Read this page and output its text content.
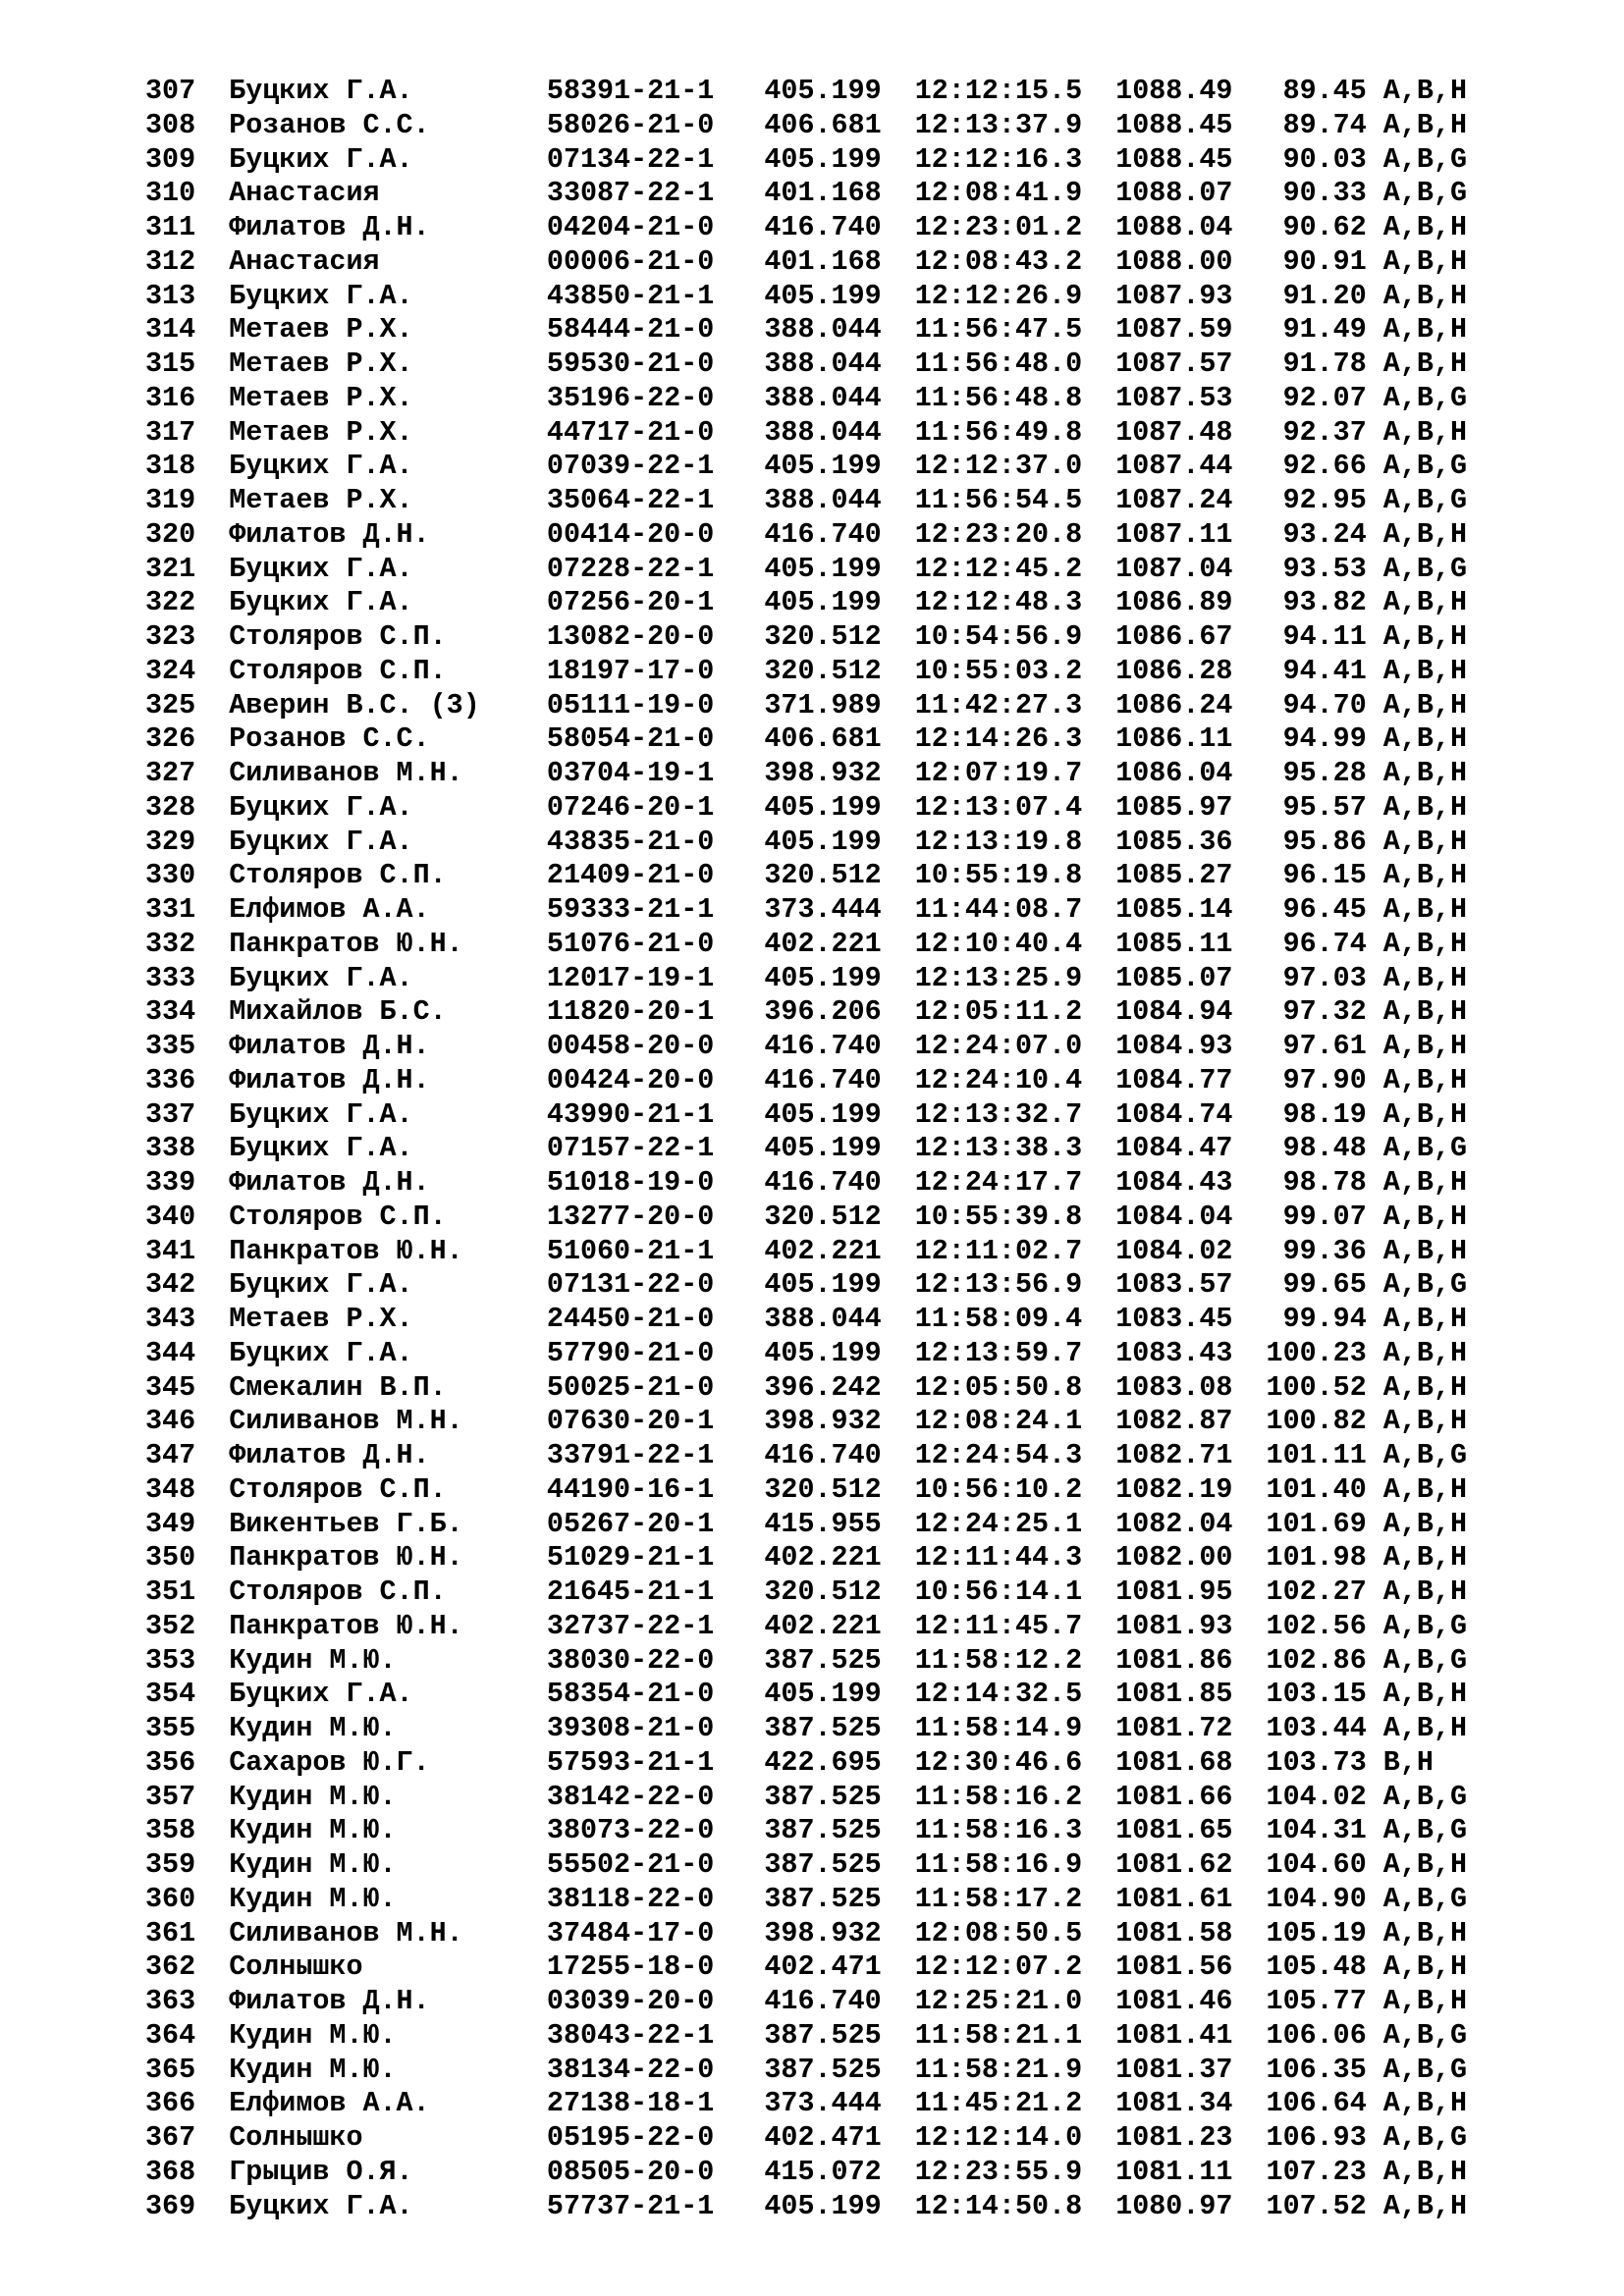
307  Буцких Г.А.        58391-21-1   405.199  12:12:15.5  1088.49   89.45 A,B,H
308  Розанов С.С.       58026-21-0   406.681  12:13:37.9  1088.45   89.74 A,B,H
309  Буцких Г.А.        07134-22-1   405.199  12:12:16.3  1088.45   90.03 A,B,G
310  Анастасия          33087-22-1   401.168  12:08:41.9  1088.07   90.33 A,B,G
311  Филатов Д.Н.       04204-21-0   416.740  12:23:01.2  1088.04   90.62 A,B,H
312  Анастасия          00006-21-0   401.168  12:08:43.2  1088.00   90.91 A,B,H
313  Буцких Г.А.        43850-21-1   405.199  12:12:26.9  1087.93   91.20 A,B,H
314  Метаев Р.Х.        58444-21-0   388.044  11:56:47.5  1087.59   91.49 A,B,H
315  Метаев Р.Х.        59530-21-0   388.044  11:56:48.0  1087.57   91.78 A,B,H
316  Метаев Р.Х.        35196-22-0   388.044  11:56:48.8  1087.53   92.07 A,B,G
317  Метаев Р.Х.        44717-21-0   388.044  11:56:49.8  1087.48   92.37 A,B,H
318  Буцких Г.А.        07039-22-1   405.199  12:12:37.0  1087.44   92.66 A,B,G
319  Метаев Р.Х.        35064-22-1   388.044  11:56:54.5  1087.24   92.95 A,B,G
320  Филатов Д.Н.       00414-20-0   416.740  12:23:20.8  1087.11   93.24 A,B,H
321  Буцких Г.А.        07228-22-1   405.199  12:12:45.2  1087.04   93.53 A,B,G
322  Буцких Г.А.        07256-20-1   405.199  12:12:48.3  1086.89   93.82 A,B,H
323  Столяров С.П.      13082-20-0   320.512  10:54:56.9  1086.67   94.11 A,B,H
324  Столяров С.П.      18197-17-0   320.512  10:55:03.2  1086.28   94.41 A,B,H
325  Аверин В.С. (3)    05111-19-0   371.989  11:42:27.3  1086.24   94.70 A,B,H
326  Розанов С.С.       58054-21-0   406.681  12:14:26.3  1086.11   94.99 A,B,H
327  Силиванов М.Н.     03704-19-1   398.932  12:07:19.7  1086.04   95.28 A,B,H
328  Буцких Г.А.        07246-20-1   405.199  12:13:07.4  1085.97   95.57 A,B,H
329  Буцких Г.А.        43835-21-0   405.199  12:13:19.8  1085.36   95.86 A,B,H
330  Столяров С.П.      21409-21-0   320.512  10:55:19.8  1085.27   96.15 A,B,H
331  Елфимов А.А.       59333-21-1   373.444  11:44:08.7  1085.14   96.45 A,B,H
332  Панкратов Ю.Н.     51076-21-0   402.221  12:10:40.4  1085.11   96.74 A,B,H
333  Буцких Г.А.        12017-19-1   405.199  12:13:25.9  1085.07   97.03 A,B,H
334  Михайлов Б.С.      11820-20-1   396.206  12:05:11.2  1084.94   97.32 A,B,H
335  Филатов Д.Н.       00458-20-0   416.740  12:24:07.0  1084.93   97.61 A,B,H
336  Филатов Д.Н.       00424-20-0   416.740  12:24:10.4  1084.77   97.90 A,B,H
337  Буцких Г.А.        43990-21-1   405.199  12:13:32.7  1084.74   98.19 A,B,H
338  Буцких Г.А.        07157-22-1   405.199  12:13:38.3  1084.47   98.48 A,B,G
339  Филатов Д.Н.       51018-19-0   416.740  12:24:17.7  1084.43   98.78 A,B,H
340  Столяров С.П.      13277-20-0   320.512  10:55:39.8  1084.04   99.07 A,B,H
341  Панкратов Ю.Н.     51060-21-1   402.221  12:11:02.7  1084.02   99.36 A,B,H
342  Буцких Г.А.        07131-22-0   405.199  12:13:56.9  1083.57   99.65 A,B,G
343  Метаев Р.Х.        24450-21-0   388.044  11:58:09.4  1083.45   99.94 A,B,H
344  Буцких Г.А.        57790-21-0   405.199  12:13:59.7  1083.43  100.23 A,B,H
345  Смекалин В.П.      50025-21-0   396.242  12:05:50.8  1083.08  100.52 A,B,H
346  Силиванов М.Н.     07630-20-1   398.932  12:08:24.1  1082.87  100.82 A,B,H
347  Филатов Д.Н.       33791-22-1   416.740  12:24:54.3  1082.71  101.11 A,B,G
348  Столяров С.П.      44190-16-1   320.512  10:56:10.2  1082.19  101.40 A,B,H
349  Викентьев Г.Б.     05267-20-1   415.955  12:24:25.1  1082.04  101.69 A,B,H
350  Панкратов Ю.Н.     51029-21-1   402.221  12:11:44.3  1082.00  101.98 A,B,H
351  Столяров С.П.      21645-21-1   320.512  10:56:14.1  1081.95  102.27 A,B,H
352  Панкратов Ю.Н.     32737-22-1   402.221  12:11:45.7  1081.93  102.56 A,B,G
353  Кудин М.Ю.         38030-22-0   387.525  11:58:12.2  1081.86  102.86 A,B,G
354  Буцких Г.А.        58354-21-0   405.199  12:14:32.5  1081.85  103.15 A,B,H
355  Кудин М.Ю.         39308-21-0   387.525  11:58:14.9  1081.72  103.44 A,B,H
356  Сахаров Ю.Г.       57593-21-1   422.695  12:30:46.6  1081.68  103.73 B,H
357  Кудин М.Ю.         38142-22-0   387.525  11:58:16.2  1081.66  104.02 A,B,G
358  Кудин М.Ю.         38073-22-0   387.525  11:58:16.3  1081.65  104.31 A,B,G
359  Кудин М.Ю.         55502-21-0   387.525  11:58:16.9  1081.62  104.60 A,B,H
360  Кудин М.Ю.         38118-22-0   387.525  11:58:17.2  1081.61  104.90 A,B,G
361  Силиванов М.Н.     37484-17-0   398.932  12:08:50.5  1081.58  105.19 A,B,H
362  Солнышко           17255-18-0   402.471  12:12:07.2  1081.56  105.48 A,B,H
363  Филатов Д.Н.       03039-20-0   416.740  12:25:21.0  1081.46  105.77 A,B,H
364  Кудин М.Ю.         38043-22-1   387.525  11:58:21.1  1081.41  106.06 A,B,G
365  Кудин М.Ю.         38134-22-0   387.525  11:58:21.9  1081.37  106.35 A,B,G
366  Елфимов А.А.       27138-18-1   373.444  11:45:21.2  1081.34  106.64 A,B,H
367  Солнышко           05195-22-0   402.471  12:12:14.0  1081.23  106.93 A,B,G
368  Грыцив О.Я.        08505-20-0   415.072  12:23:55.9  1081.11  107.23 A,B,H
369  Буцких Г.А.        57737-21-1   405.199  12:14:50.8  1080.97  107.52 A,B,H
